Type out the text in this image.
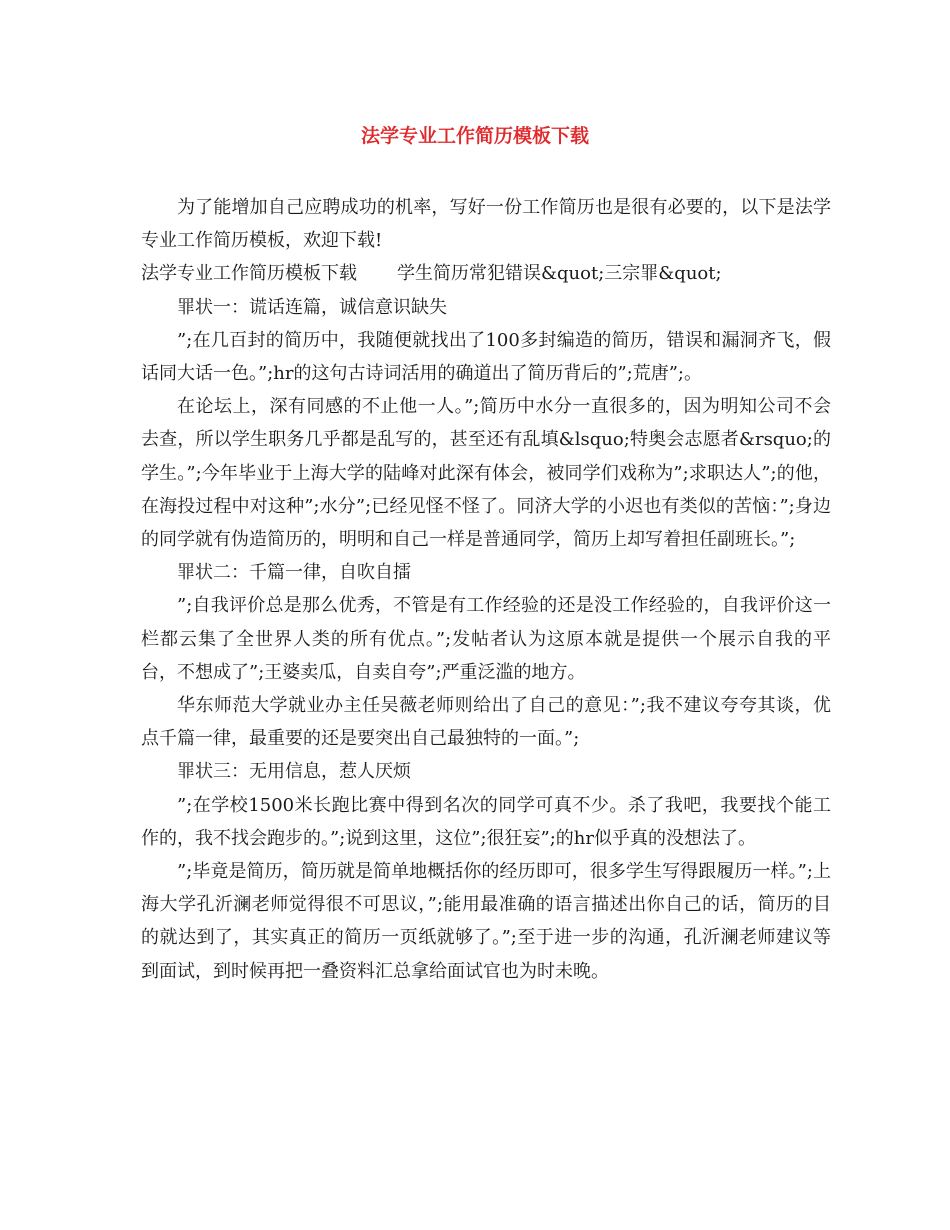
法学专业工作简历模板下载

为了能增加自己应聘成功的机率，写好一份工作简历也是很有必要的，以下是法学专业工作简历模板，欢迎下载!

法学专业工作简历模板下载 学生简历常犯错误&quot;三宗罪&quot;

罪状一：谎话连篇，诚信意识缺失

”;在几百封的简历中，我随便就找出了100多封编造的简历，错误和漏洞齐飞，假话同大话一色。”;hr的这句古诗词活用的确道出了简历背后的”;荒唐”;。

在论坛上，深有同感的不止他一人。”;简历中水分一直很多的，因为明知公司不会去查，所以学生职务几乎都是乱写的，甚至还有乱填&lsquo;特奥会志愿者&rsquo;的学生。”;今年毕业于上海大学的陆峰对此深有体会，被同学们戏称为”;求职达人”;的他，在海投过程中对这种”;水分”;已经见怪不怪了。同济大学的小迟也有类似的苦恼：”;身边的同学就有伪造简历的，明明和自己一样是普通同学，简历上却写着担任副班长。”;

罪状二：千篇一律，自吹自擂

”;自我评价总是那么优秀，不管是有工作经验的还是没工作经验的，自我评价这一栏都云集了全世界人类的所有优点。”;发帖者认为这原本就是提供一个展示自我的平台，不想成了”;王婆卖瓜，自卖自夸”;严重泛滥的地方。

华东师范大学就业办主任吴薇老师则给出了自己的意见：”;我不建议夸夸其谈，优点千篇一律，最重要的还是要突出自己最独特的一面。”;

罪状三：无用信息，惹人厌烦

”;在学校1500米长跑比赛中得到名次的同学可真不少。杀了我吧，我要找个能工作的，我不找会跑步的。”;说到这里，这位”;很狂妄”;的hr似乎真的没想法了。

”;毕竟是简历，简历就是简单地概括你的经历即可，很多学生写得跟履历一样。”;上海大学孔沂澜老师觉得很不可思议，”;能用最准确的语言描述出你自己的话，简历的目的就达到了，其实真正的简历一页纸就够了。”;至于进一步的沟通，孔沂澜老师建议等到面试，到时候再把一叠资料汇总拿给面试官也为时未晚。
